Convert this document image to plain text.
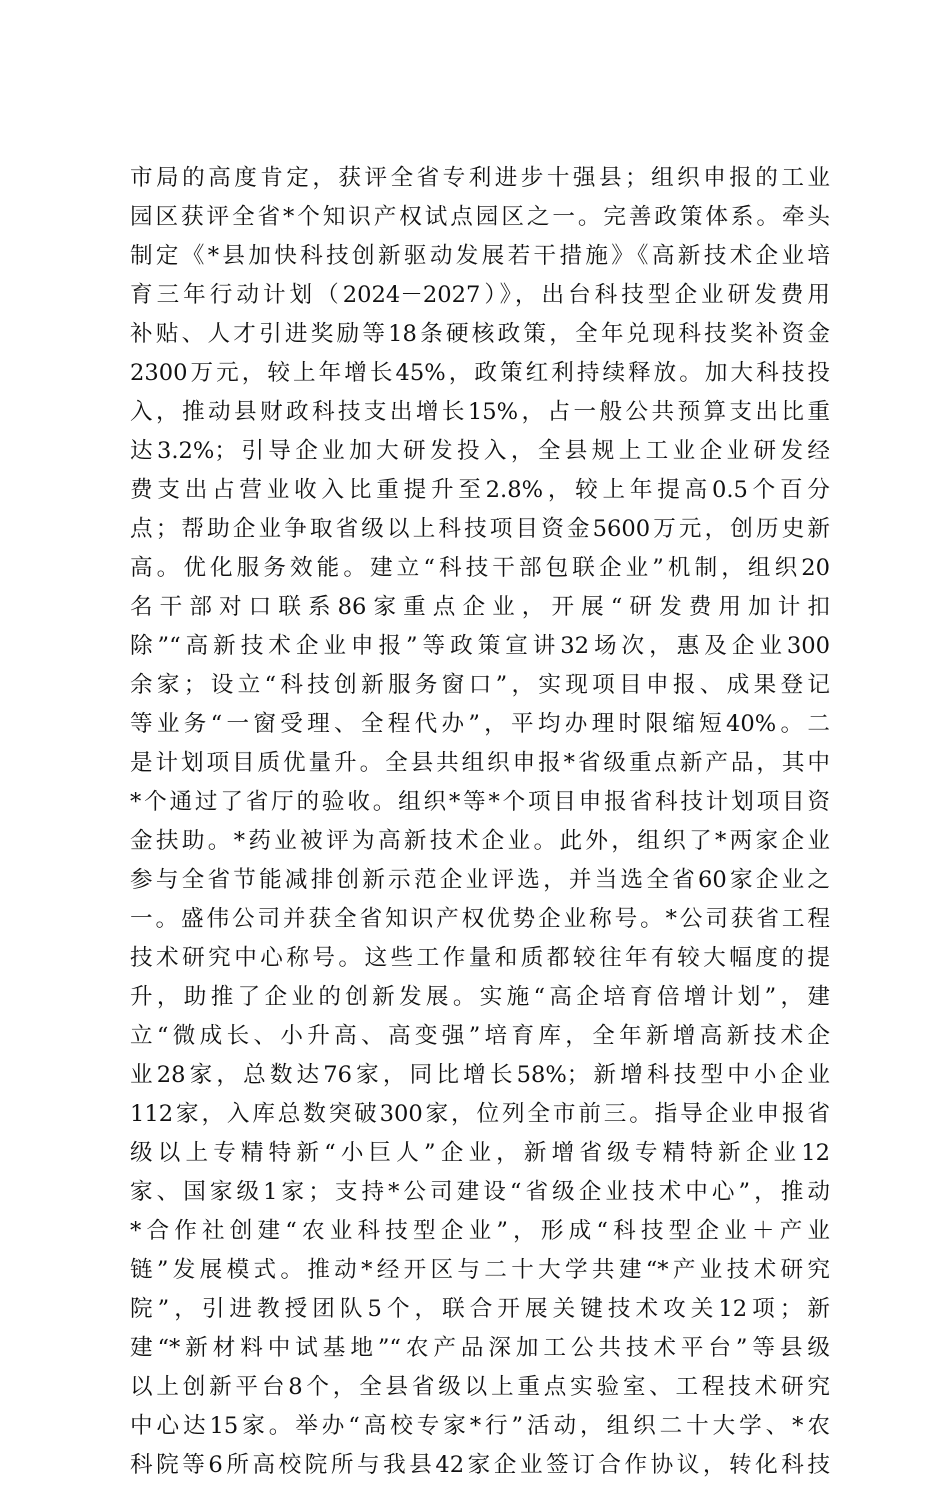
市局的高度肯定，获评全省专利进步十强县；组织申报的工业
园区获评全省*个知识产权试点园区之一。完善政策体系。牵头
制定《*县加快科技创新驱动发展若干措施》《高新技术企业培
育三年行动计划（2024－2027）》，出台科技型企业研发费用
补贴、人才引进奖励等18条硬核政策，全年兑现科技奖补资金
2300万元，较上年增长45%，政策红利持续释放。加大科技投
入，推动县财政科技支出增长15%，占一般公共预算支出比重
达3.2%；引导企业加大研发投入，全县规上工业企业研发经
费支出占营业收入比重提升至2.8%，较上年提高0.5个百分
点；帮助企业争取省级以上科技项目资金5600万元，创历史新
高。优化服务效能。建立“科技干部包联企业”机制，组织20
名干部对口联系86家重点企业，开展“研发费用加计扣
除”“高新技术企业申报”等政策宣讲32场次，惠及企业300
余家；设立“科技创新服务窗口”，实现项目申报、成果登记
等业务“一窗受理、全程代办”，平均办理时限缩短40%。二
是计划项目质优量升。全县共组织申报*省级重点新产品，其中
*个通过了省厅的验收。组织*等*个项目申报省科技计划项目资
金扶助。*药业被评为高新技术企业。此外，组织了*两家企业
参与全省节能减排创新示范企业评选，并当选全省60家企业之
一。盛伟公司并获全省知识产权优势企业称号。*公司获省工程
技术研究中心称号。这些工作量和质都较往年有较大幅度的提
升，助推了企业的创新发展。实施“高企培育倍增计划”，建
立“微成长、小升高、高变强”培育库，全年新增高新技术企
业28家，总数达76家，同比增长58%；新增科技型中小企业
112家，入库总数突破300家，位列全市前三。指导企业申报省
级以上专精特新“小巨人”企业，新增省级专精特新企业12
家、国家级1家；支持*公司建设“省级企业技术中心”，推动
*合作社创建“农业科技型企业”，形成“科技型企业＋产业
链”发展模式。推动*经开区与二十大学共建“*产业技术研究
院”，引进教授团队5个，联合开展关键技术攻关12项；新
建“*新材料中试基地”“农产品深加工公共技术平台”等县级
以上创新平台8个，全县省级以上重点实验室、工程技术研究
中心达15家。举办“高校专家*行”活动，组织二十大学、*农
科院等6所高校院所与我县42家企业签订合作协议，转化科技
